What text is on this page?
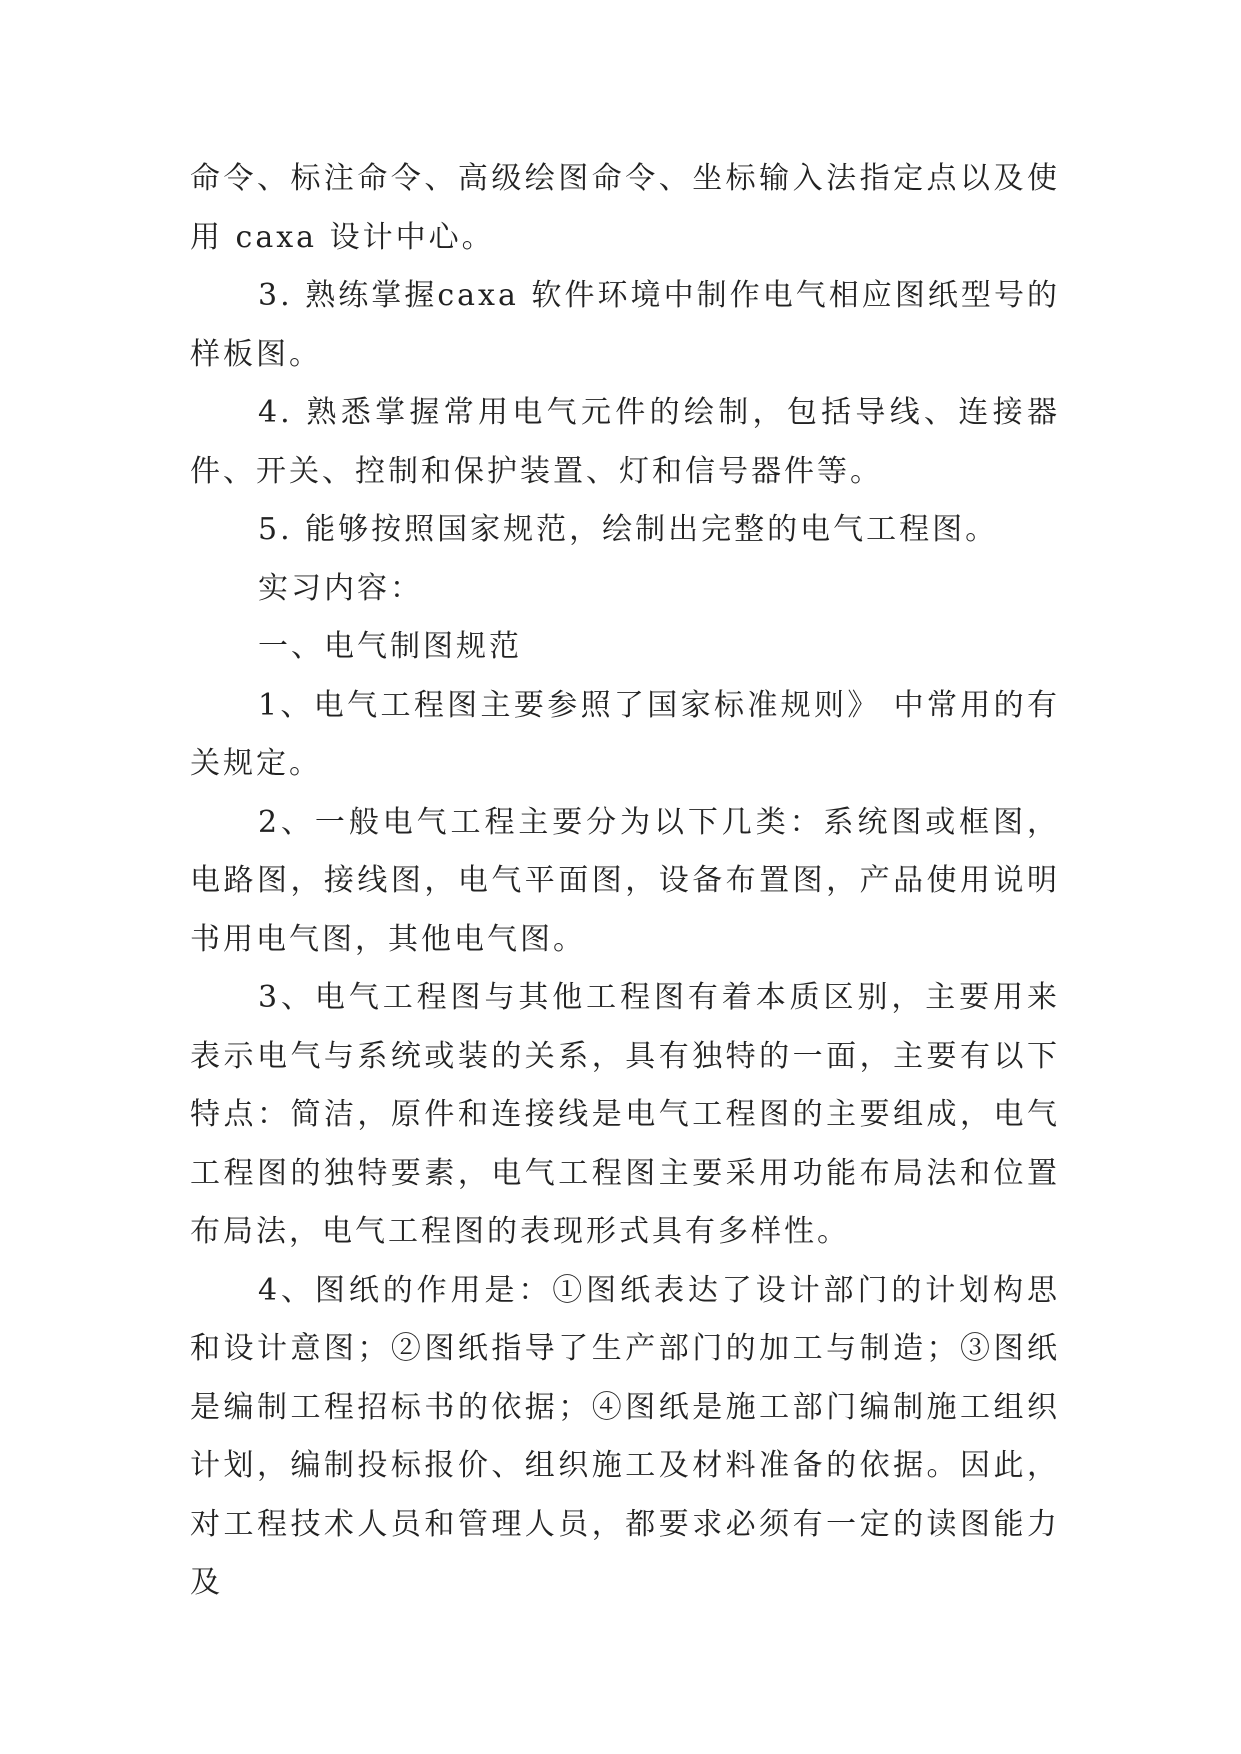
命令、标注命令、高级绘图命令、坐标输入法指定点以及使用 caxa 设计中心。

3. 熟练掌握caxa 软件环境中制作电气相应图纸型号的样板图。

4. 熟悉掌握常用电气元件的绘制，包括导线、连接器件、开关、控制和保护装置、灯和信号器件等。

5. 能够按照国家规范，绘制出完整的电气工程图。

实习内容：

一、电气制图规范

1、电气工程图主要参照了国家标准规则》 中常用的有关规定。

2、一般电气工程主要分为以下几类：系统图或框图，电路图，接线图，电气平面图，设备布置图，产品使用说明书用电气图，其他电气图。

3、电气工程图与其他工程图有着本质区别，主要用来表示电气与系统或装的关系，具有独特的一面，主要有以下特点：简洁，原件和连接线是电气工程图的主要组成，电气工程图的独特要素，电气工程图主要采用功能布局法和位置布局法，电气工程图的表现形式具有多样性。

4、图纸的作用是：①图纸表达了设计部门的计划构思和设计意图；②图纸指导了生产部门的加工与制造；③图纸是编制工程招标书的依据；④图纸是施工部门编制施工组织计划，编制投标报价、组织施工及材料准备的依据。因此，对工程技术人员和管理人员，都要求必须有一定的读图能力及
